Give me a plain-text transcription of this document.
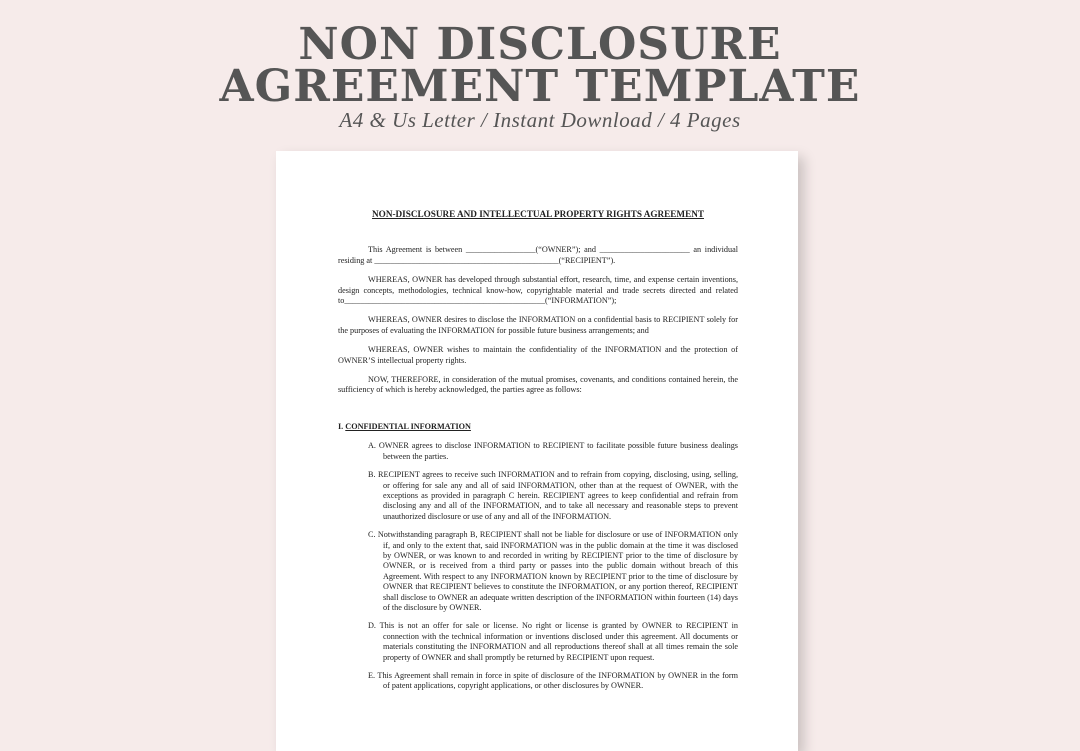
NON DISCLOSURE
AGREEMENT TEMPLATE
A4 & Us Letter / Instant Download / 4 Pages
NON-DISCLOSURE AND INTELLECTUAL PROPERTY RIGHTS AGREEMENT

This Agreement is between _________________(“OWNER”); and ______________________ an individual residing at _____________________________________________(“RECIPIENT”).

WHEREAS, OWNER has developed through substantial effort, research, time, and expense certain inventions, design concepts, methodologies, technical know-how, copyrightable material and trade secrets directed and related to_________________________________________________(“INFORMATION”);

WHEREAS, OWNER desires to disclose the INFORMATION on a confidential basis to RECIPIENT solely for the purposes of evaluating the INFORMATION for possible future business arrangements; and

WHEREAS, OWNER wishes to maintain the confidentiality of the INFORMATION and the protection of OWNER’S intellectual property rights.

NOW, THEREFORE, in consideration of the mutual promises, covenants, and conditions contained herein, the sufficiency of which is hereby acknowledged, the parties agree as follows:

I. CONFIDENTIAL INFORMATION

A. OWNER agrees to disclose INFORMATION to RECIPIENT to facilitate possible future business dealings between the parties.

B. RECIPIENT agrees to receive such INFORMATION and to refrain from copying, disclosing, using, selling, or offering for sale any and all of said INFORMATION, other than at the request of OWNER, with the exceptions as provided in paragraph C herein. RECIPIENT agrees to keep confidential and refrain from disclosing any and all of the INFORMATION, and to take all necessary and reasonable steps to prevent unauthorized disclosure or use of any and all of the INFORMATION.

C. Notwithstanding paragraph B, RECIPIENT shall not be liable for disclosure or use of INFORMATION only if, and only to the extent that, said INFORMATION was in the public domain at the time it was disclosed by OWNER, or was known to and recorded in writing by RECIPIENT prior to the time of disclosure by OWNER, or is received from a third party or passes into the public domain without breach of this Agreement. With respect to any INFORMATION known by RECIPIENT prior to the time of disclosure by OWNER that RECIPIENT believes to constitute the INFORMATION, or any portion thereof, RECIPIENT shall disclose to OWNER an adequate written description of the INFORMATION within fourteen (14) days of the disclosure by OWNER.

D. This is not an offer for sale or license. No right or license is granted by OWNER to RECIPIENT in connection with the technical information or inventions disclosed under this agreement. All documents or materials constituting the INFORMATION and all reproductions thereof shall at all times remain the sole property of OWNER and shall promptly be returned by RECIPIENT upon request.

E. This Agreement shall remain in force in spite of disclosure of the INFORMATION by OWNER in the form of patent applications, copyright applications, or other disclosures by OWNER.
